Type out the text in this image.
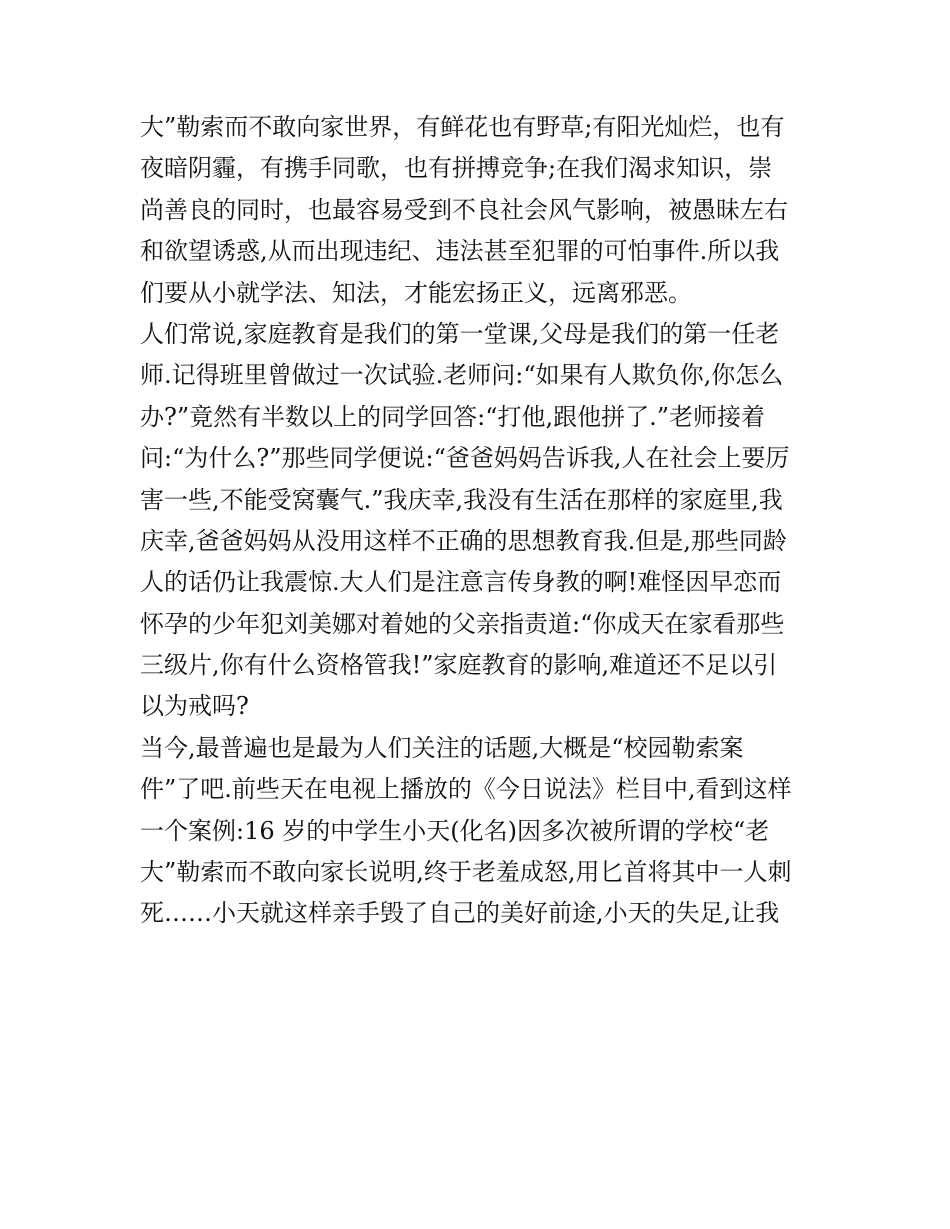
大”勒索而不敢向家世界，有鲜花也有野草;有阳光灿烂，也有
夜暗阴霾，有携手同歌，也有拼搏竞争;在我们渴求知识，崇
尚善良的同时，也最容易受到不良社会风气影响，被愚昧左右
和欲望诱惑,从而出现违纪、违法甚至犯罪的可怕事件.所以我
们要从小就学法、知法，才能宏扬正义，远离邪恶。
人们常说,家庭教育是我们的第一堂课,父母是我们的第一任老
师.记得班里曾做过一次试验.老师问:“如果有人欺负你,你怎么
办?”竟然有半数以上的同学回答:“打他,跟他拼了.”老师接着
问:“为什么?”那些同学便说:“爸爸妈妈告诉我,人在社会上要厉
害一些,不能受窝囊气.”我庆幸,我没有生活在那样的家庭里,我
庆幸,爸爸妈妈从没用这样不正确的思想教育我.但是,那些同龄
人的话仍让我震惊.大人们是注意言传身教的啊!难怪因早恋而
怀孕的少年犯刘美娜对着她的父亲指责道:“你成天在家看那些
三级片,你有什么资格管我!”家庭教育的影响,难道还不足以引
以为戒吗?
当今,最普遍也是最为人们关注的话题,大概是“校园勒索案
件”了吧.前些天在电视上播放的《今日说法》栏目中,看到这样
一个案例:16 岁的中学生小天(化名)因多次被所谓的学校“老
大”勒索而不敢向家长说明,终于老羞成怒,用匕首将其中一人刺
死……小天就这样亲手毁了自己的美好前途,小天的失足,让我
